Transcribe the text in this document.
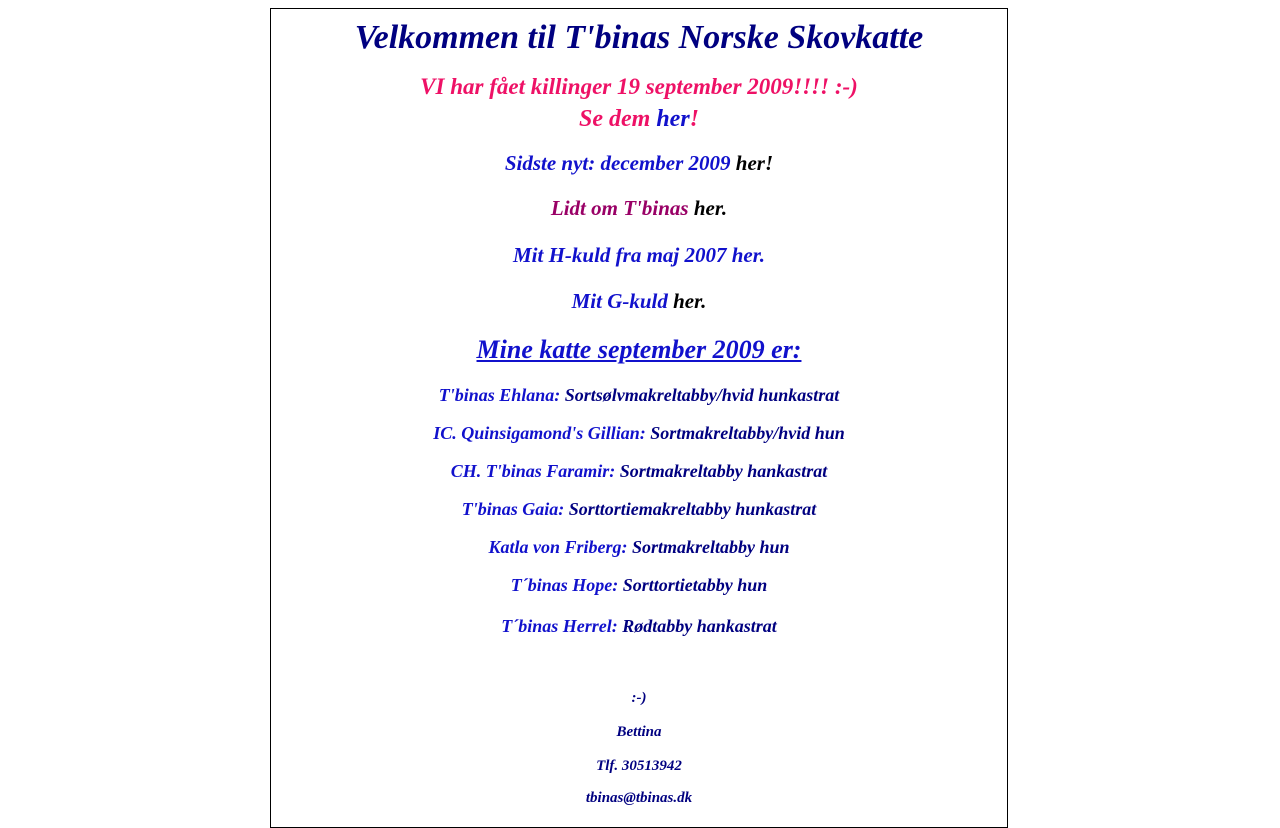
Velkommen til T'binas Norske Skovkatte
VI har fået killinger 19 september 2009!!!! :-)
Se dem her!
Sidste nyt: december 2009 her!
Lidt om T'binas her.
Mit H-kuld fra maj 2007 her.
Mit G-kuld her.
Mine katte september 2009 er:
T'binas Ehlana: Sortsølvmakreltabby/hvid hunkastrat
IC. Quinsigamond's Gillian: Sortmakreltabby/hvid hun
CH. T'binas Faramir: Sortmakreltabby hankastrat
T'binas Gaia: Sorttortiemakreltabby hunkastrat
Katla von Friberg: Sortmakreltabby hun
T´binas Hope: Sorttortietabby hun
T´binas Herrel: Rødtabby hankastrat
:-)
Bettina
Tlf. 30513942
tbinas@tbinas.dk
